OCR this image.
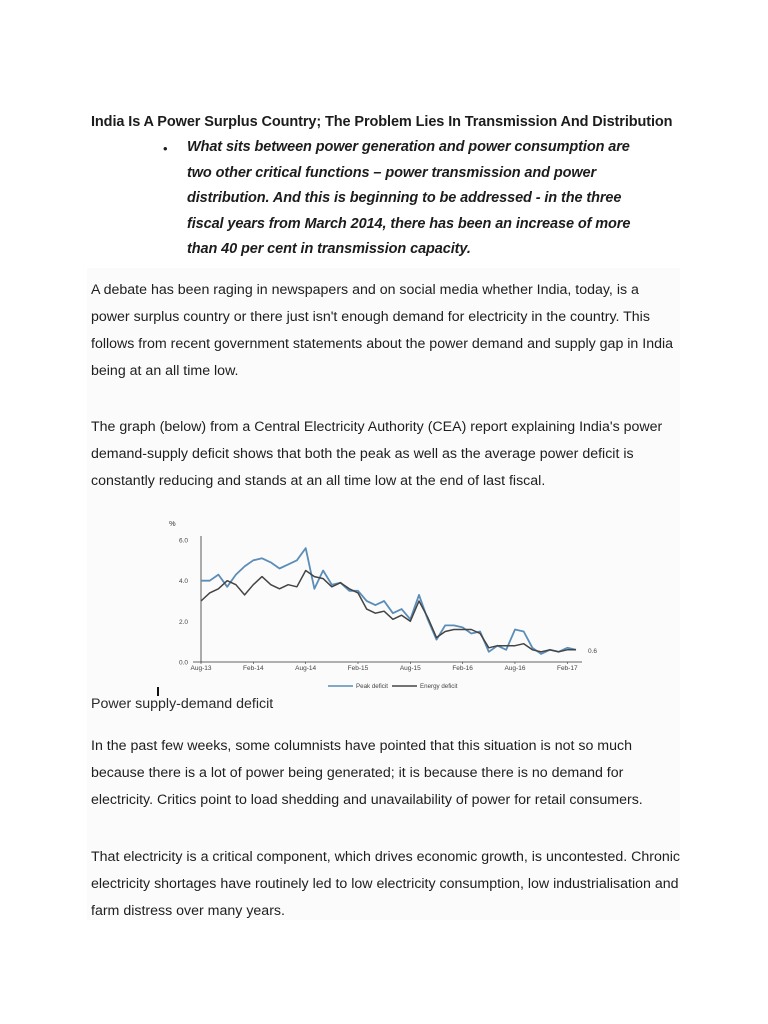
India Is A Power Surplus Country; The Problem Lies In Transmission And Distribution
• What sits between power generation and power consumption are two other critical functions – power transmission and power distribution. And this is beginning to be addressed - in the three fiscal years from March 2014, there has been an increase of more than 40 per cent in transmission capacity.

A debate has been raging in newspapers and on social media whether India, today, is a power surplus country or there just isn't enough demand for electricity in the country. This follows from recent government statements about the power demand and supply gap in India being at an all time low.

The graph (below) from a Central Electricity Authority (CEA) report explaining India's power demand-supply deficit shows that both the peak as well as the average power deficit is constantly reducing and stands at an all time low at the end of last fiscal.

%
0.0
2.0
4.0
6.0
Aug-13	Feb-14	Aug-14	Feb-15	Aug-15	Feb-16	Aug-16	Feb-17
0.6
Peak deficit	Energy deficit

Power supply-demand deficit

In the past few weeks, some columnists have pointed that this situation is not so much because there is a lot of power being generated; it is because there is no demand for electricity. Critics point to load shedding and unavailability of power for retail consumers.

That electricity is a critical component, which drives economic growth, is uncontested. Chronic electricity shortages have routinely led to low electricity consumption, low industrialisation and farm distress over many years.
